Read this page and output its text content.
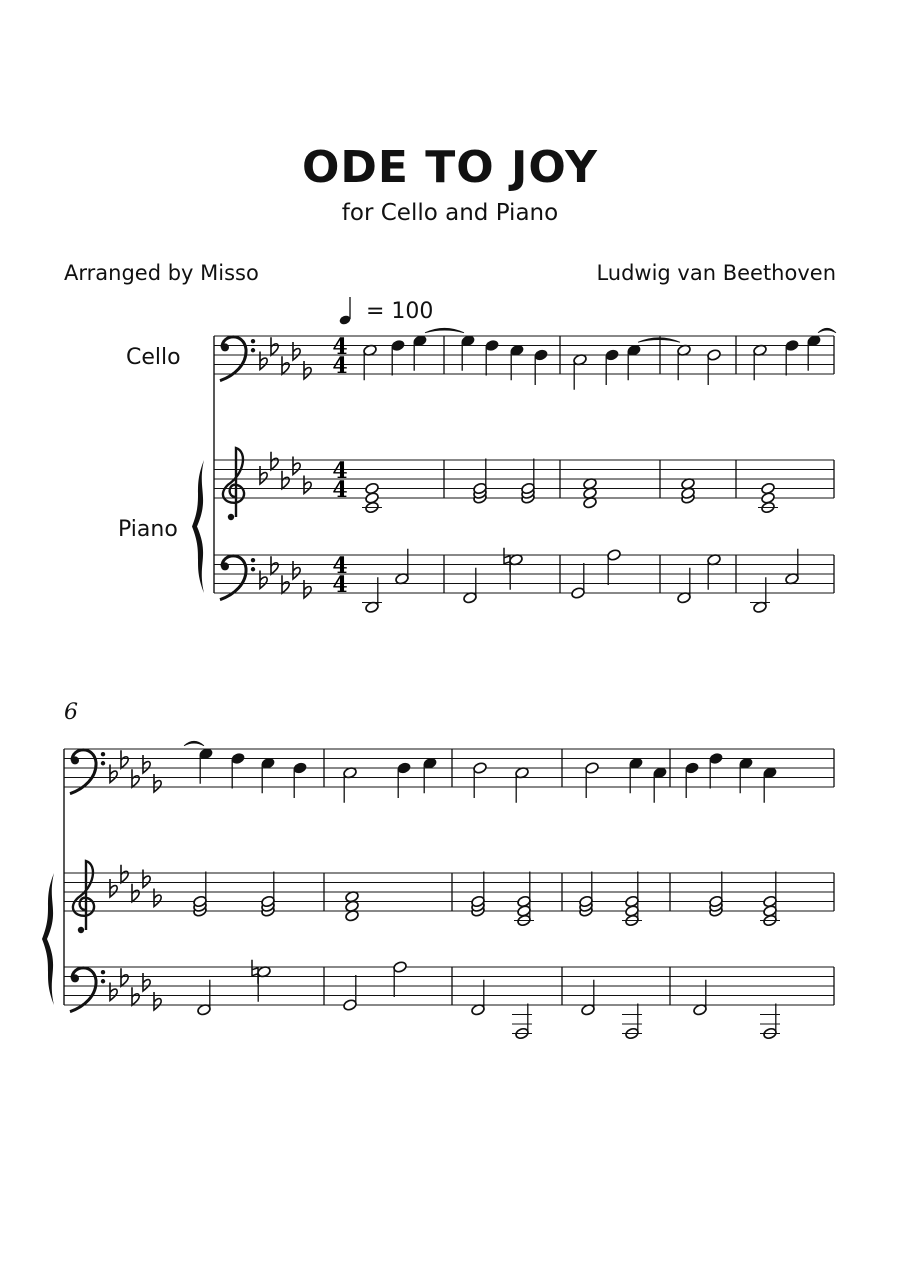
ODE TO JOY
for Cello and Piano
Arranged by Misso	Ludwig van Beethoven
= 100
Cello
Piano
6
4
4
4
4
4
4
